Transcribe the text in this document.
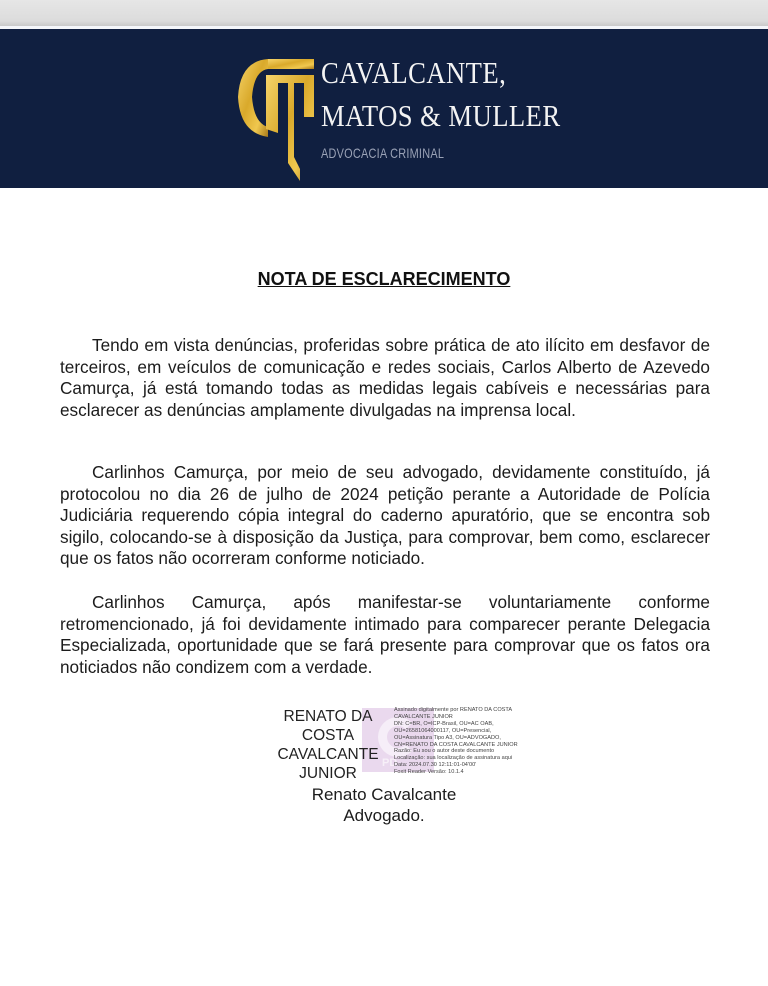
CAVALCANTE,
MATOS & MULLER
ADVOCACIA CRIMINAL
NOTA DE ESCLARECIMENTO

Tendo em vista denúncias, proferidas sobre prática de ato ilícito em desfavor de terceiros, em veículos de comunicação e redes sociais, Carlos Alberto de Azevedo Camurça, já está tomando todas as medidas legais cabíveis e necessárias para esclarecer as denúncias amplamente divulgadas na imprensa local.

Carlinhos Camurça, por meio de seu advogado, devidamente constituído, já protocolou no dia 26 de julho de 2024 petição perante a Autoridade de Polícia Judiciária requerendo cópia integral do caderno apuratório, que se encontra sob sigilo, colocando-se à disposição da Justiça, para comprovar, bem como, esclarecer que os fatos não ocorreram conforme noticiado.

Carlinhos Camurça, após manifestar-se voluntariamente conforme retromencionado, já foi devidamente intimado para comparecer perante Delegacia Especializada, oportunidade que se fará presente para comprovar que os fatos ora noticiados não condizem com a verdade.

PD
RENATO DA
COSTA
CAVALCANTE
JUNIOR
Assinado digitalmente por RENATO DA COSTA
CAVALCANTE JUNIOR
DN: C=BR, O=ICP-Brasil, OU=AC OAB,
OU=26581064000117, OU=Presencial,
OU=Assinatura Tipo A3, OU=ADVOGADO,
CN=RENATO DA COSTA CAVALCANTE JUNIOR
Razão: Eu sou o autor deste documento
Localização: sua localização de assinatura aqui
Data: 2024.07.30 12:11:01-04'00'
Foxit Reader Versão: 10.1.4
Renato Cavalcante
Advogado.
